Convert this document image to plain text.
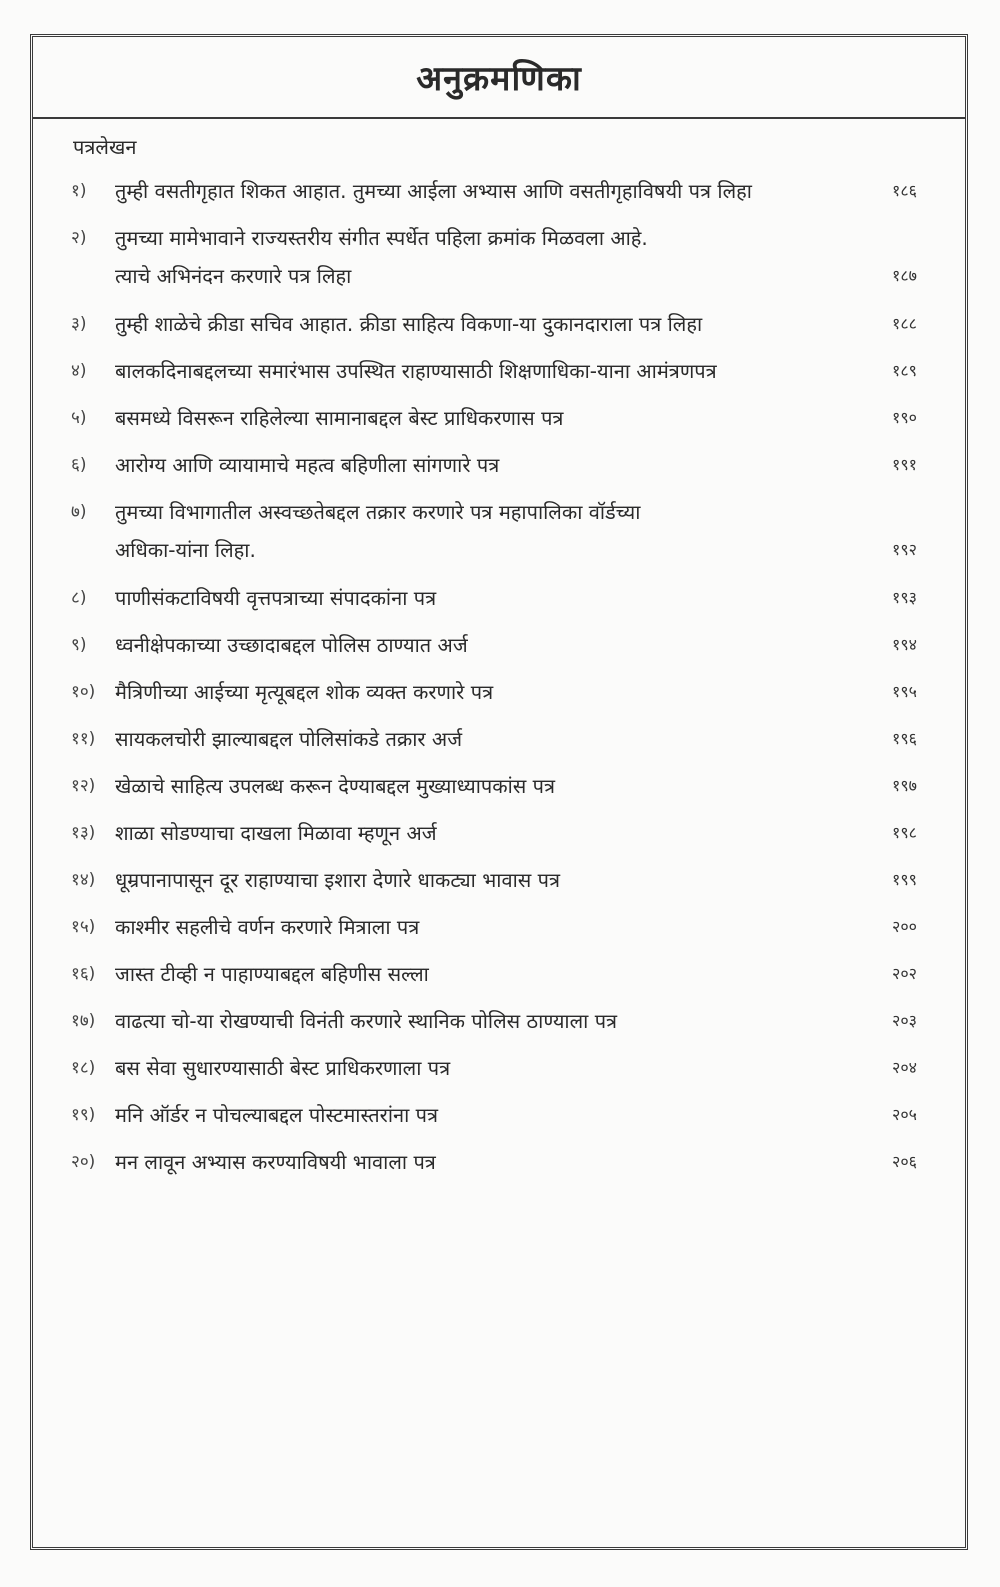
अनुक्रमणिका
पत्रलेखन
१)	तुम्ही वसतीगृहात शिकत आहात. तुमच्या आईला अभ्यास आणि वसतीगृहाविषयी पत्र लिहा	१८६
२)	तुमच्या मामेभावाने राज्यस्तरीय संगीत स्पर्धेत पहिला क्रमांक मिळवला आहे.
त्याचे अभिनंदन करणारे पत्र लिहा	१८७
३)	तुम्ही शाळेचे क्रीडा सचिव आहात. क्रीडा साहित्य विकणा-या दुकानदाराला पत्र लिहा	१८८
४)	बालकदिनाबद्दलच्या समारंभास उपस्थित राहाण्यासाठी शिक्षणाधिका-याना आमंत्रणपत्र	१८९
५)	बसमध्ये विसरून राहिलेल्या सामानाबद्दल बेस्ट प्राधिकरणास पत्र	१९०
६)	आरोग्य आणि व्यायामाचे महत्व बहिणीला सांगणारे पत्र	१९१
७)	तुमच्या विभागातील अस्वच्छतेबद्दल तक्रार करणारे पत्र महापालिका वॉर्डच्या
अधिका-यांना लिहा.	१९२
८)	पाणीसंकटाविषयी वृत्तपत्राच्या संपादकांना पत्र	१९३
९)	ध्वनीक्षेपकाच्या उच्छादाबद्दल पोलिस ठाण्यात अर्ज	१९४
१०) मैत्रिणीच्या आईच्या मृत्यूबद्दल शोक व्यक्त करणारे पत्र	१९५
११) सायकलचोरी झाल्याबद्दल पोलिसांकडे तक्रार अर्ज	१९६
१२) खेळाचे साहित्य उपलब्ध करून देण्याबद्दल मुख्याध्यापकांस पत्र	१९७
१३) शाळा सोडण्याचा दाखला मिळावा म्हणून अर्ज	१९८
१४) धूम्रपानापासून दूर राहाण्याचा इशारा देणारे धाकट्या भावास पत्र	१९९
१५) काश्मीर सहलीचे वर्णन करणारे मित्राला पत्र	२००
१६) जास्त टीव्ही न पाहाण्याबद्दल बहिणीस सल्ला	२०२
१७) वाढत्या चो-या रोखण्याची विनंती करणारे स्थानिक पोलिस ठाण्याला पत्र	२०३
१८) बस सेवा सुधारण्यासाठी बेस्ट प्राधिकरणाला पत्र	२०४
१९) मनि ऑर्डर न पोचल्याबद्दल पोस्टमास्तरांना पत्र	२०५
२०) मन लावून अभ्यास करण्याविषयी भावाला पत्र	२०६
